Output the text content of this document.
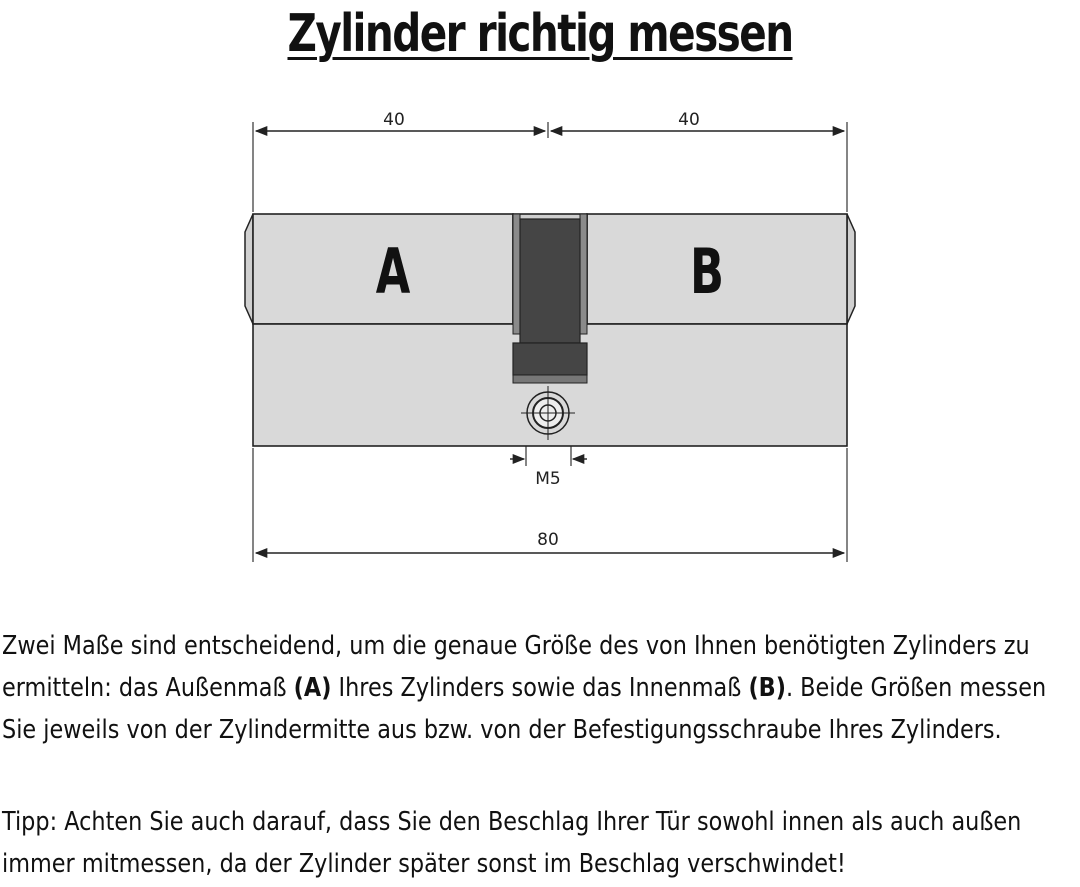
Zylinder richtig messen
40	40
80
M5
A	B

Zwei Maße sind entscheidend, um die genaue Größe des von Ihnen benötigten Zylinders zu ermitteln: das Außenmaß (A) Ihres Zylinders sowie das Innenmaß (B). Beide Größen messen Sie jeweils von der Zylindermitte aus bzw. von der Befestigungsschraube Ihres Zylinders.

Tipp: Achten Sie auch darauf, dass Sie den Beschlag Ihrer Tür sowohl innen als auch außen immer mitmessen, da der Zylinder später sonst im Beschlag verschwindet!
